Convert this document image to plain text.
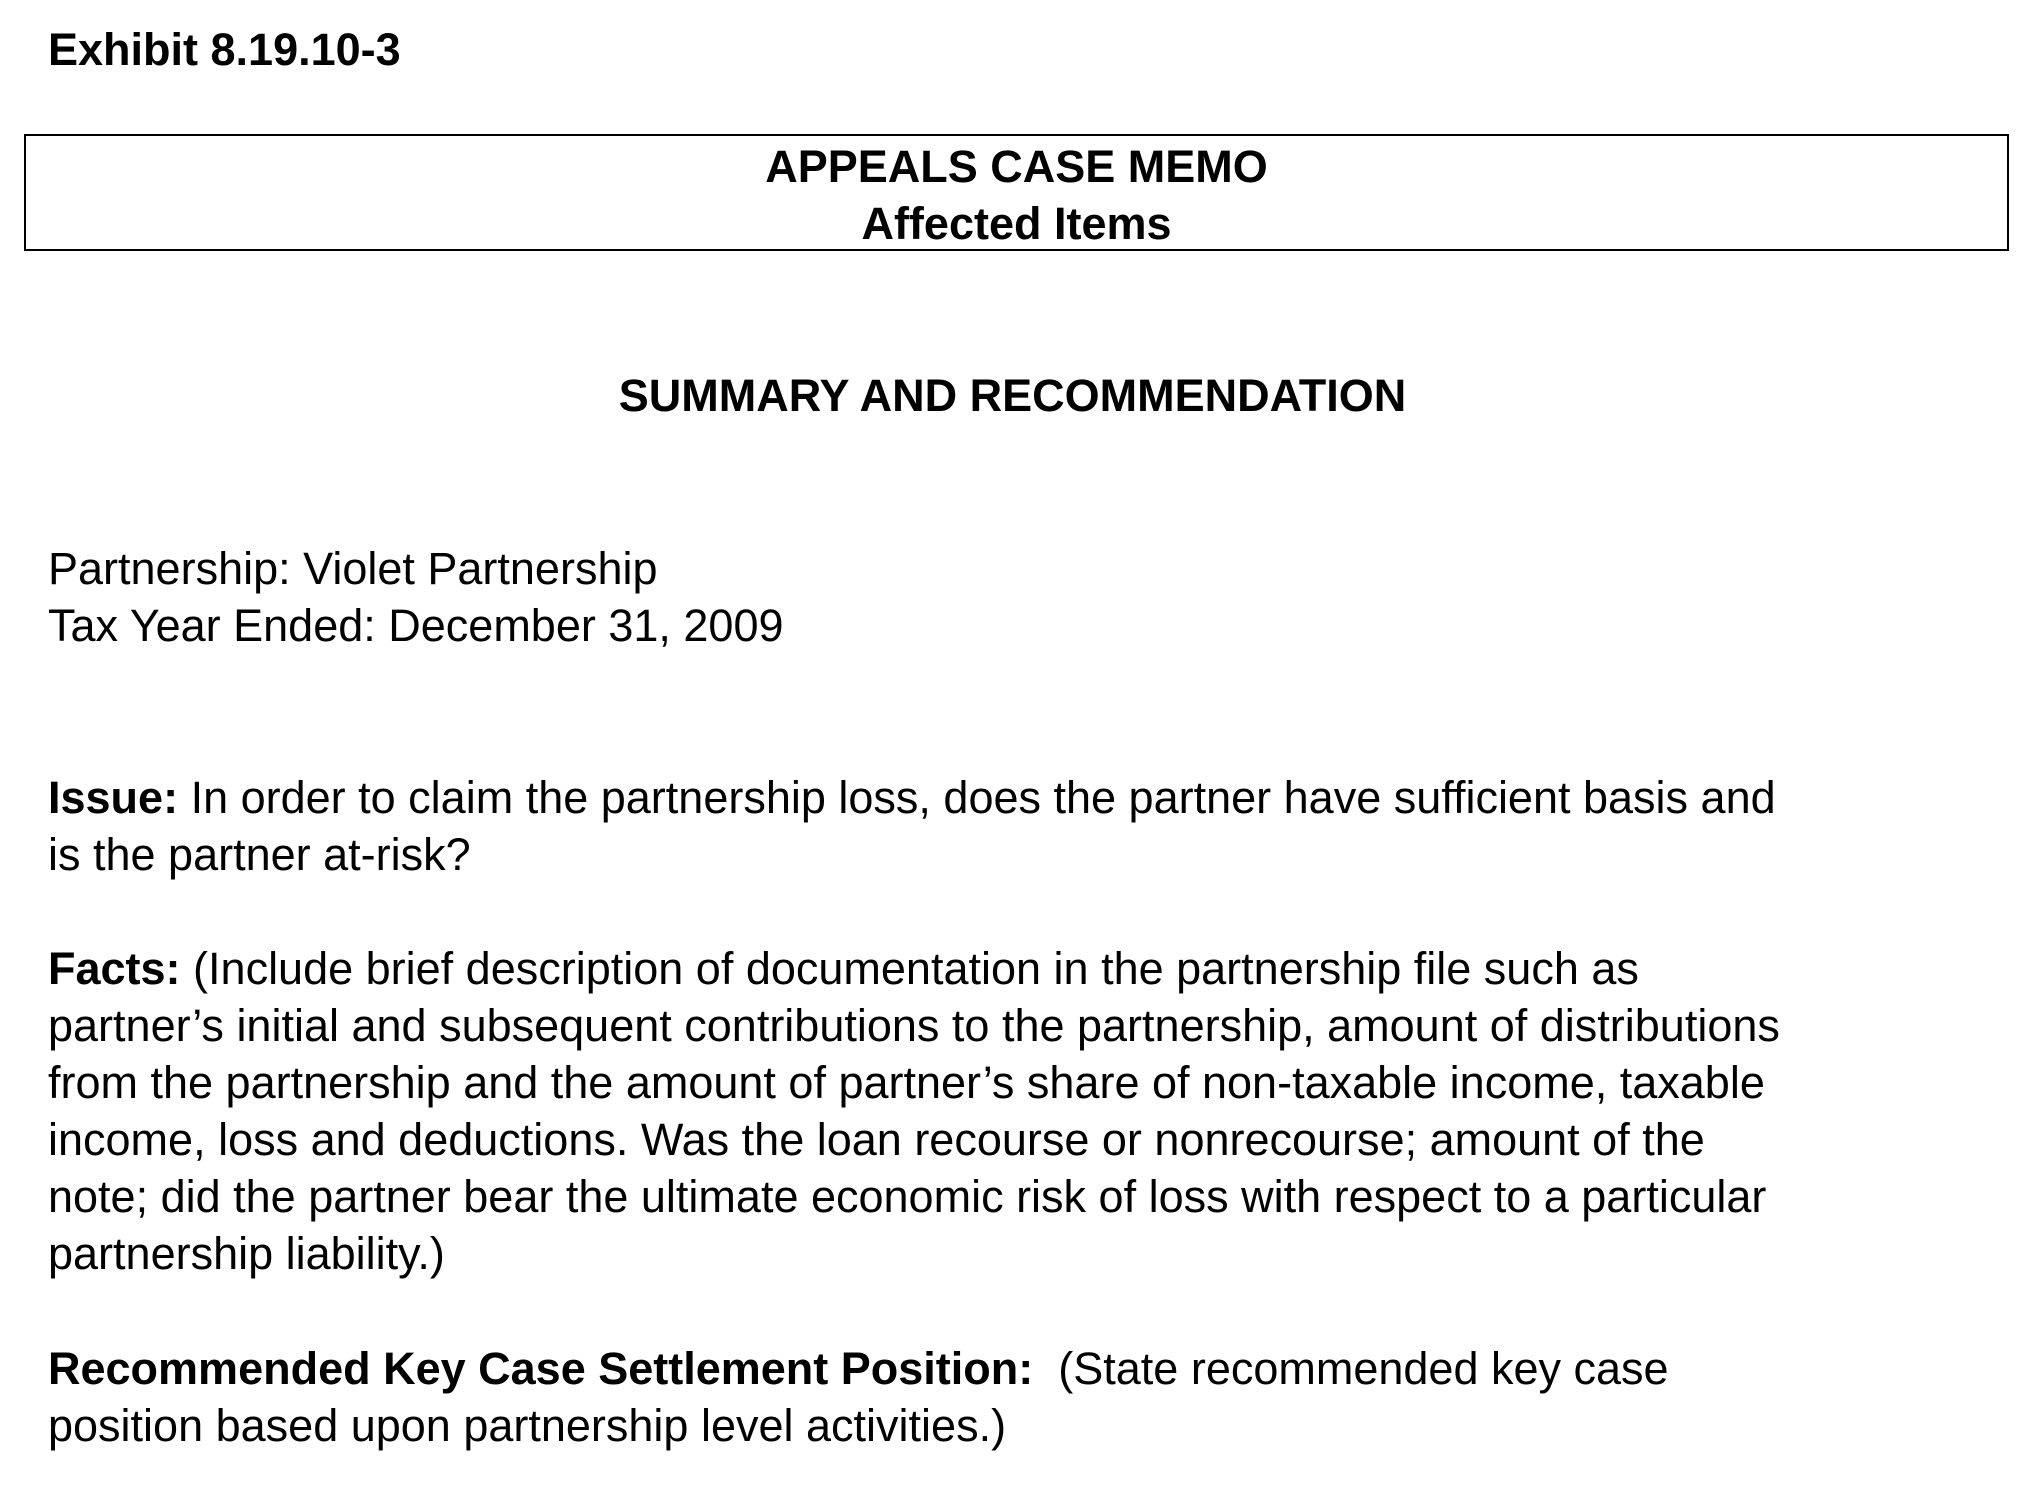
Exhibit 8.19.10-3
APPEALS CASE MEMO
Affected Items
SUMMARY AND RECOMMENDATION
Partnership: Violet Partnership
Tax Year Ended: December 31, 2009
Issue: In order to claim the partnership loss, does the partner have sufficient basis and
is the partner at-risk?
Facts: (Include brief description of documentation in the partnership file such as
partner’s initial and subsequent contributions to the partnership, amount of distributions
from the partnership and the amount of partner’s share of non-taxable income, taxable
income, loss and deductions. Was the loan recourse or nonrecourse; amount of the
note; did the partner bear the ultimate economic risk of loss with respect to a particular
partnership liability.)
Recommended Key Case Settlement Position:  (State recommended key case
position based upon partnership level activities.)
